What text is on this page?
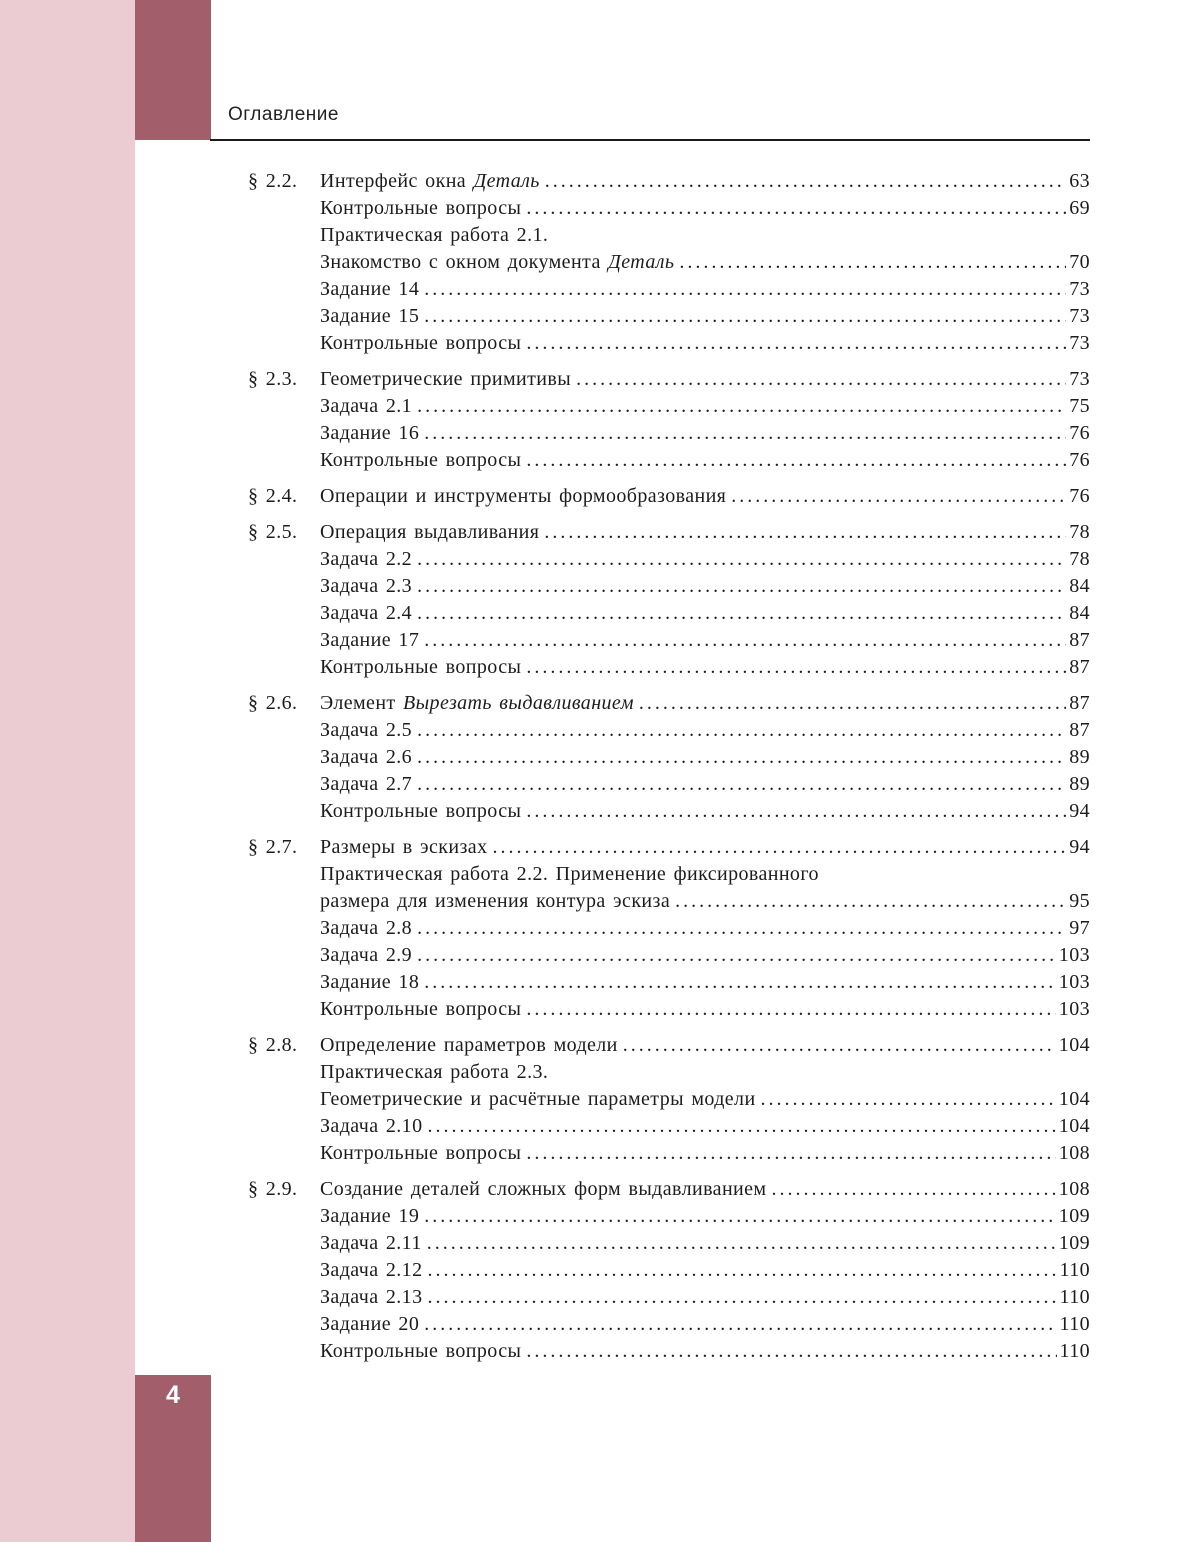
4
Оглавление
§ 2.2. Интерфейс окна Деталь .....	63
Контрольные вопросы .....	69
Практическая работа 2.1.
Знакомство с окном документа Деталь .....	70
Задание 14 .....	73
Задание 15 .....	73
Контрольные вопросы .....	73
§ 2.3. Геометрические примитивы .....	73
Задача 2.1 .....	75
Задание 16 .....	76
Контрольные вопросы .....	76
§ 2.4. Операции и инструменты формообразования .....	76
§ 2.5. Операция выдавливания .....	78
Задача 2.2 .....	78
Задача 2.3 .....	84
Задача 2.4 .....	84
Задание 17 .....	87
Контрольные вопросы .....	87
§ 2.6. Элемент Вырезать выдавливанием .....	87
Задача 2.5 .....	87
Задача 2.6 .....	89
Задача 2.7 .....	89
Контрольные вопросы .....	94
§ 2.7. Размеры в эскизах .....	94
Практическая работа 2.2. Применение фиксированного
размера для изменения контура эскиза .....	95
Задача 2.8 .....	97
Задача 2.9 .....	103
Задание 18 .....	103
Контрольные вопросы .....	103
§ 2.8. Определение параметров модели .....	104
Практическая работа 2.3.
Геометрические и расчётные параметры модели .....	104
Задача 2.10 .....	104
Контрольные вопросы .....	108
§ 2.9. Создание деталей сложных форм выдавливанием .....	108
Задание 19 .....	109
Задача 2.11 .....	109
Задача 2.12 .....	110
Задача 2.13 .....	110
Задание 20 .....	110
Контрольные вопросы .....	110
